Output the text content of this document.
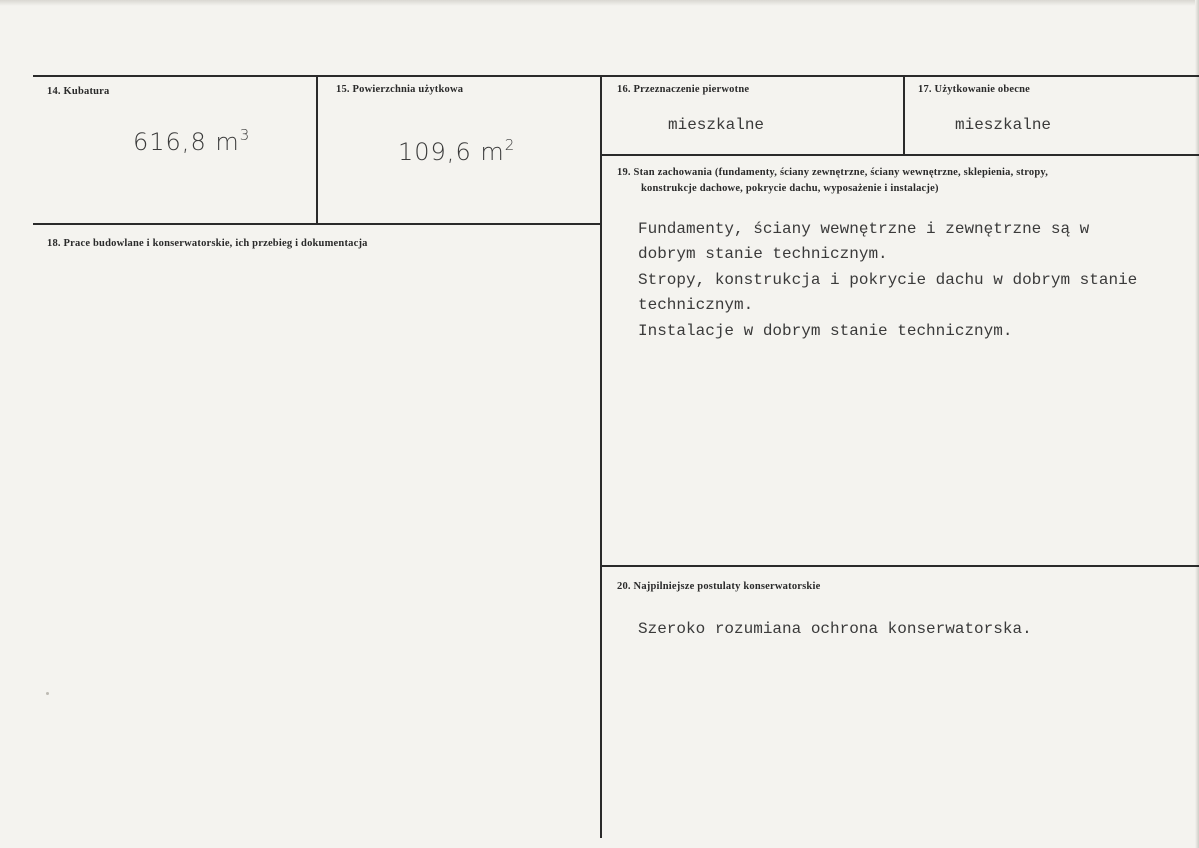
14. Kubatura
616,8 $m^3$
15. Powierzchnia użytkowa
109,6 $m^2$
16. Przeznaczenie pierwotne
mieszkalne
17. Użytkowanie obecne
mieszkalne
18. Prace budowlane i konserwatorskie, ich przebieg i dokumentacja
19. Stan zachowania (fundamenty, ściany zewnętrzne, ściany wewnętrzne, sklepienia, stropy,
konstrukcje dachowe, pokrycie dachu, wyposażenie i instalacje)
Fundamenty, ściany wewnętrzne i zewnętrzne są w
dobrym stanie technicznym.
Stropy, konstrukcja i pokrycie dachu w dobrym stanie
technicznym.
Instalacje w dobrym stanie technicznym.
20. Najpilniejsze postulaty konserwatorskie
Szeroko rozumiana ochrona konserwatorska.
